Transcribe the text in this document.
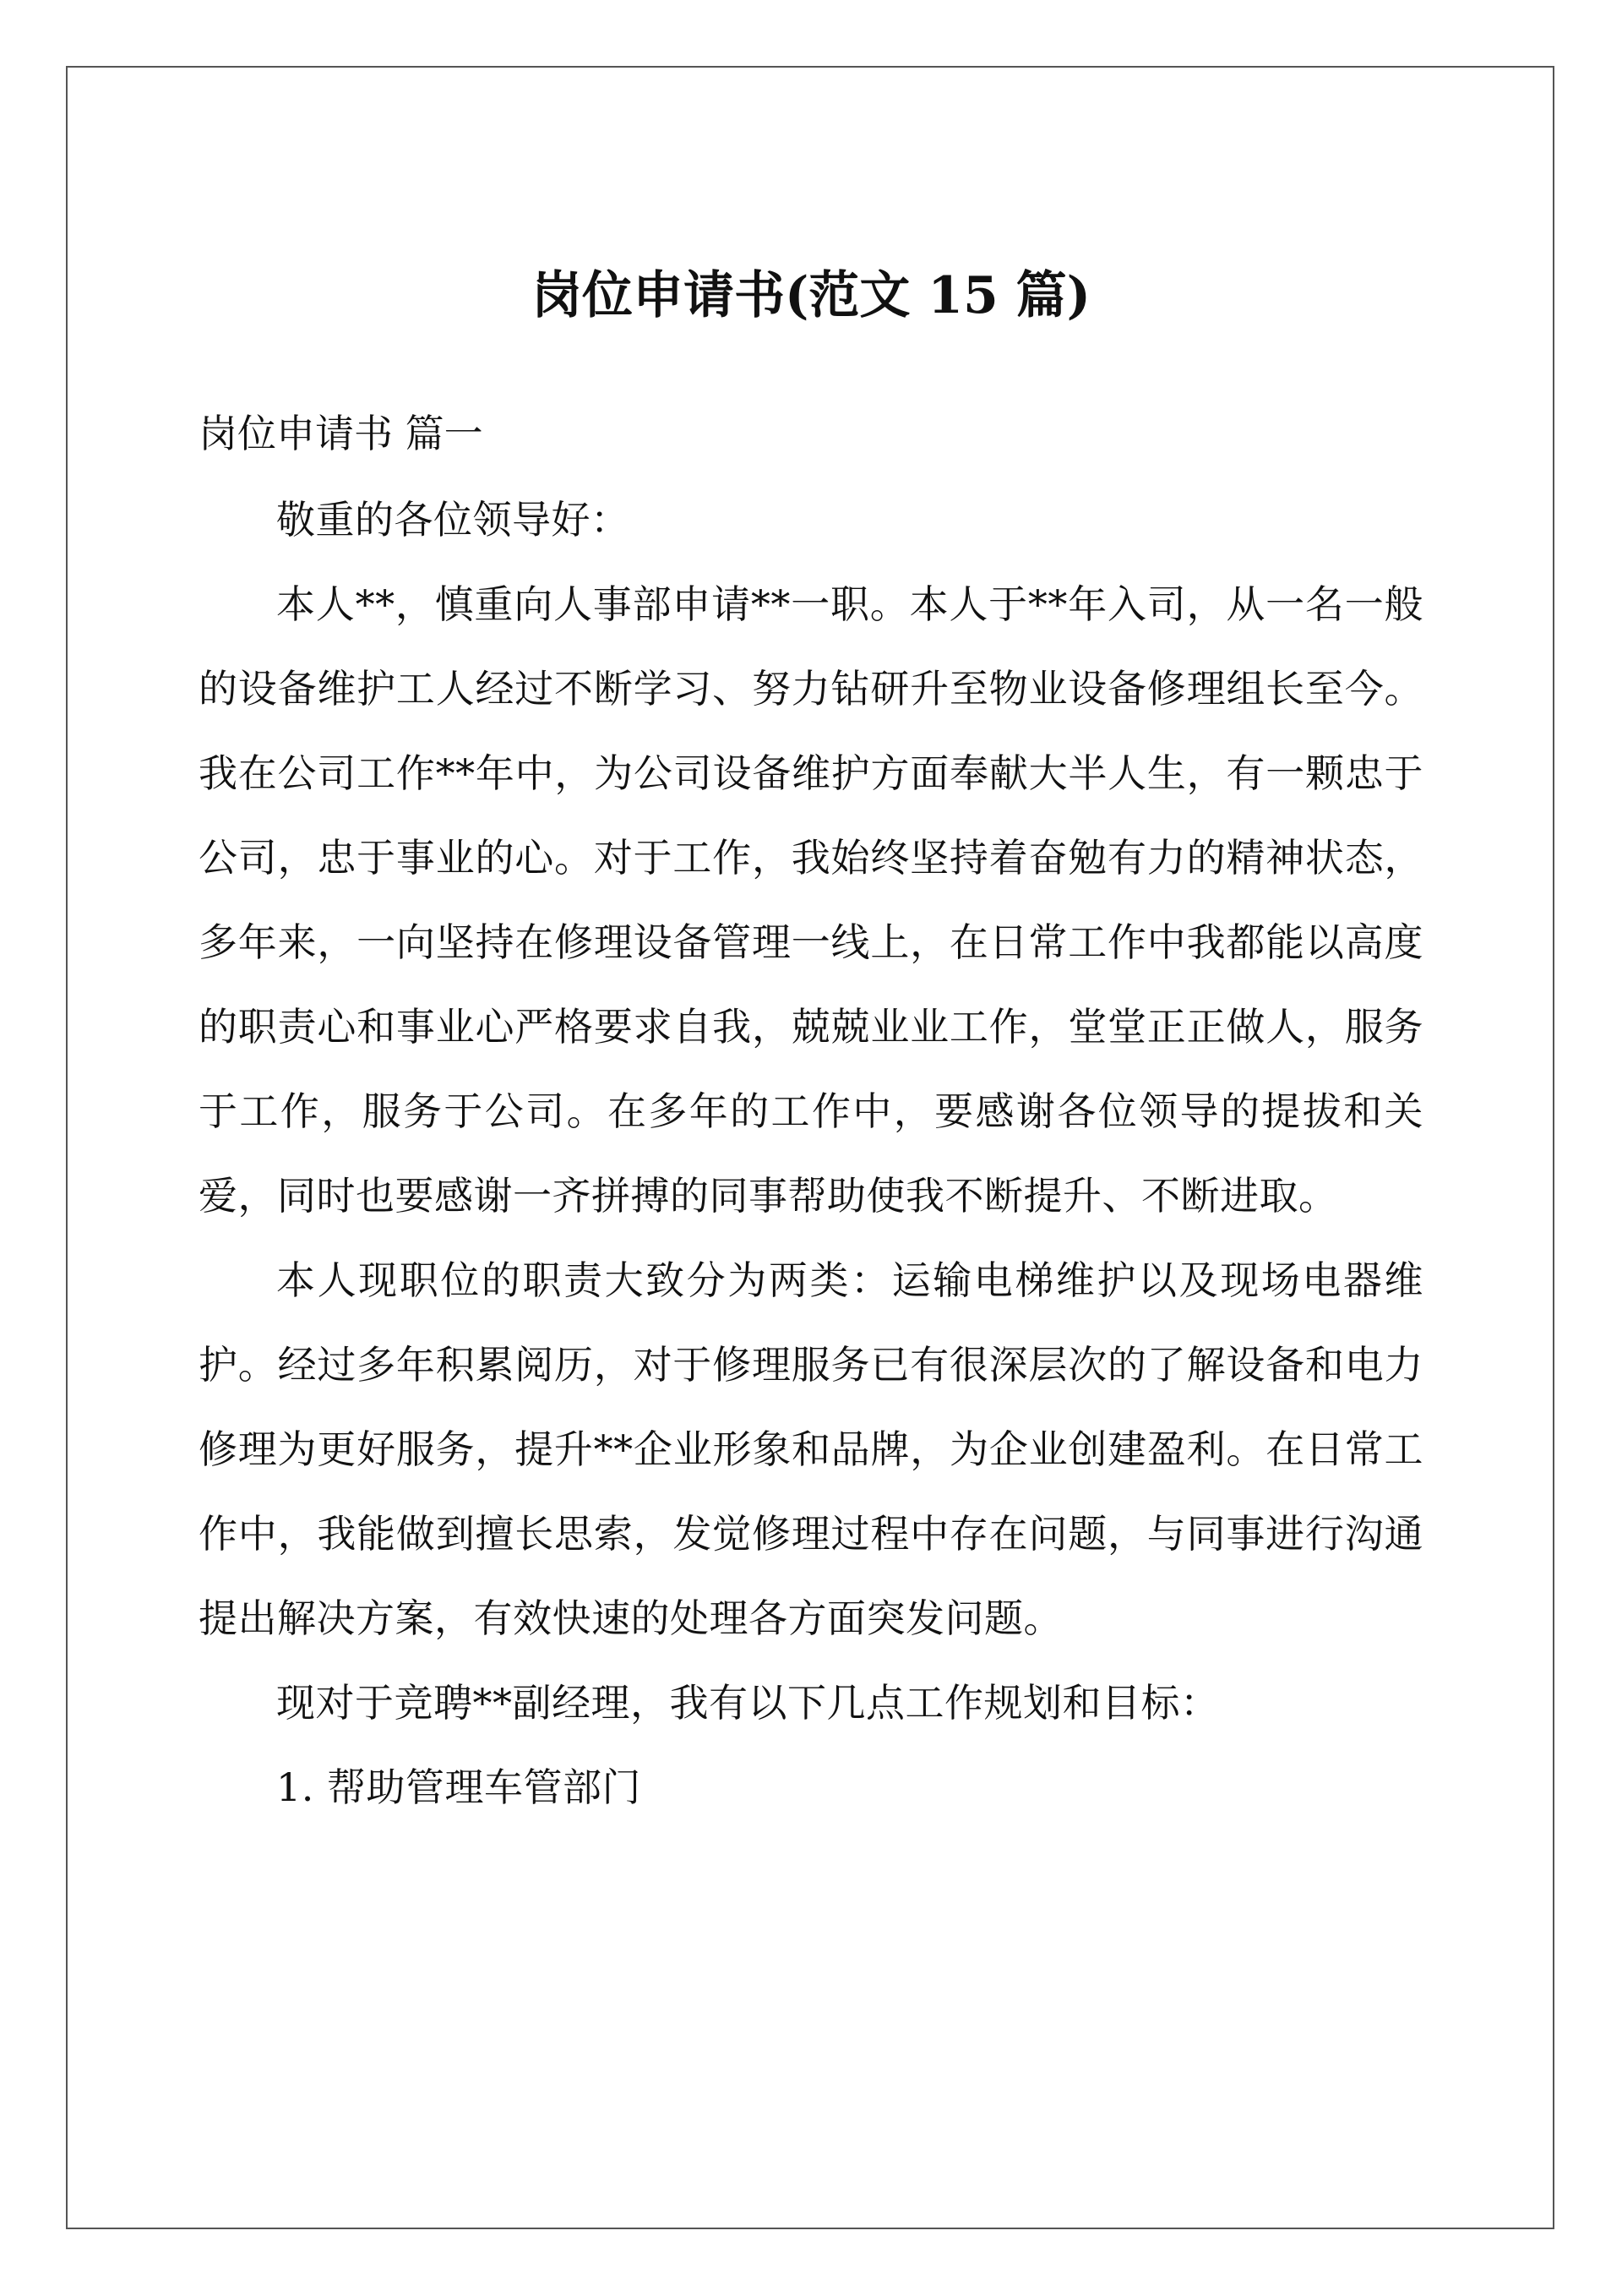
岗位申请书(范文 15 篇)
岗位申请书 篇一

敬重的各位领导好：

本人**，慎重向人事部申请**一职。本人于**年入司，从一名一般的设备维护工人经过不断学习、努力钻研升至物业设备修理组长至今。我在公司工作**年中，为公司设备维护方面奉献大半人生，有一颗忠于公司，忠于事业的心。对于工作，我始终坚持着奋勉有力的精神状态，多年来，一向坚持在修理设备管理一线上，在日常工作中我都能以高度的职责心和事业心严格要求自我，兢兢业业工作，堂堂正正做人，服务于工作，服务于公司。在多年的工作中，要感谢各位领导的提拔和关爱，同时也要感谢一齐拼搏的同事帮助使我不断提升、不断进取。

本人现职位的职责大致分为两类：运输电梯维护以及现场电器维护。经过多年积累阅历，对于修理服务已有很深层次的了解设备和电力修理为更好服务，提升**企业形象和品牌，为企业创建盈利。在日常工作中，我能做到擅长思索，发觉修理过程中存在问题，与同事进行沟通提出解决方案，有效快速的处理各方面突发问题。

现对于竞聘**副经理，我有以下几点工作规划和目标：

1. 帮助管理车管部门
